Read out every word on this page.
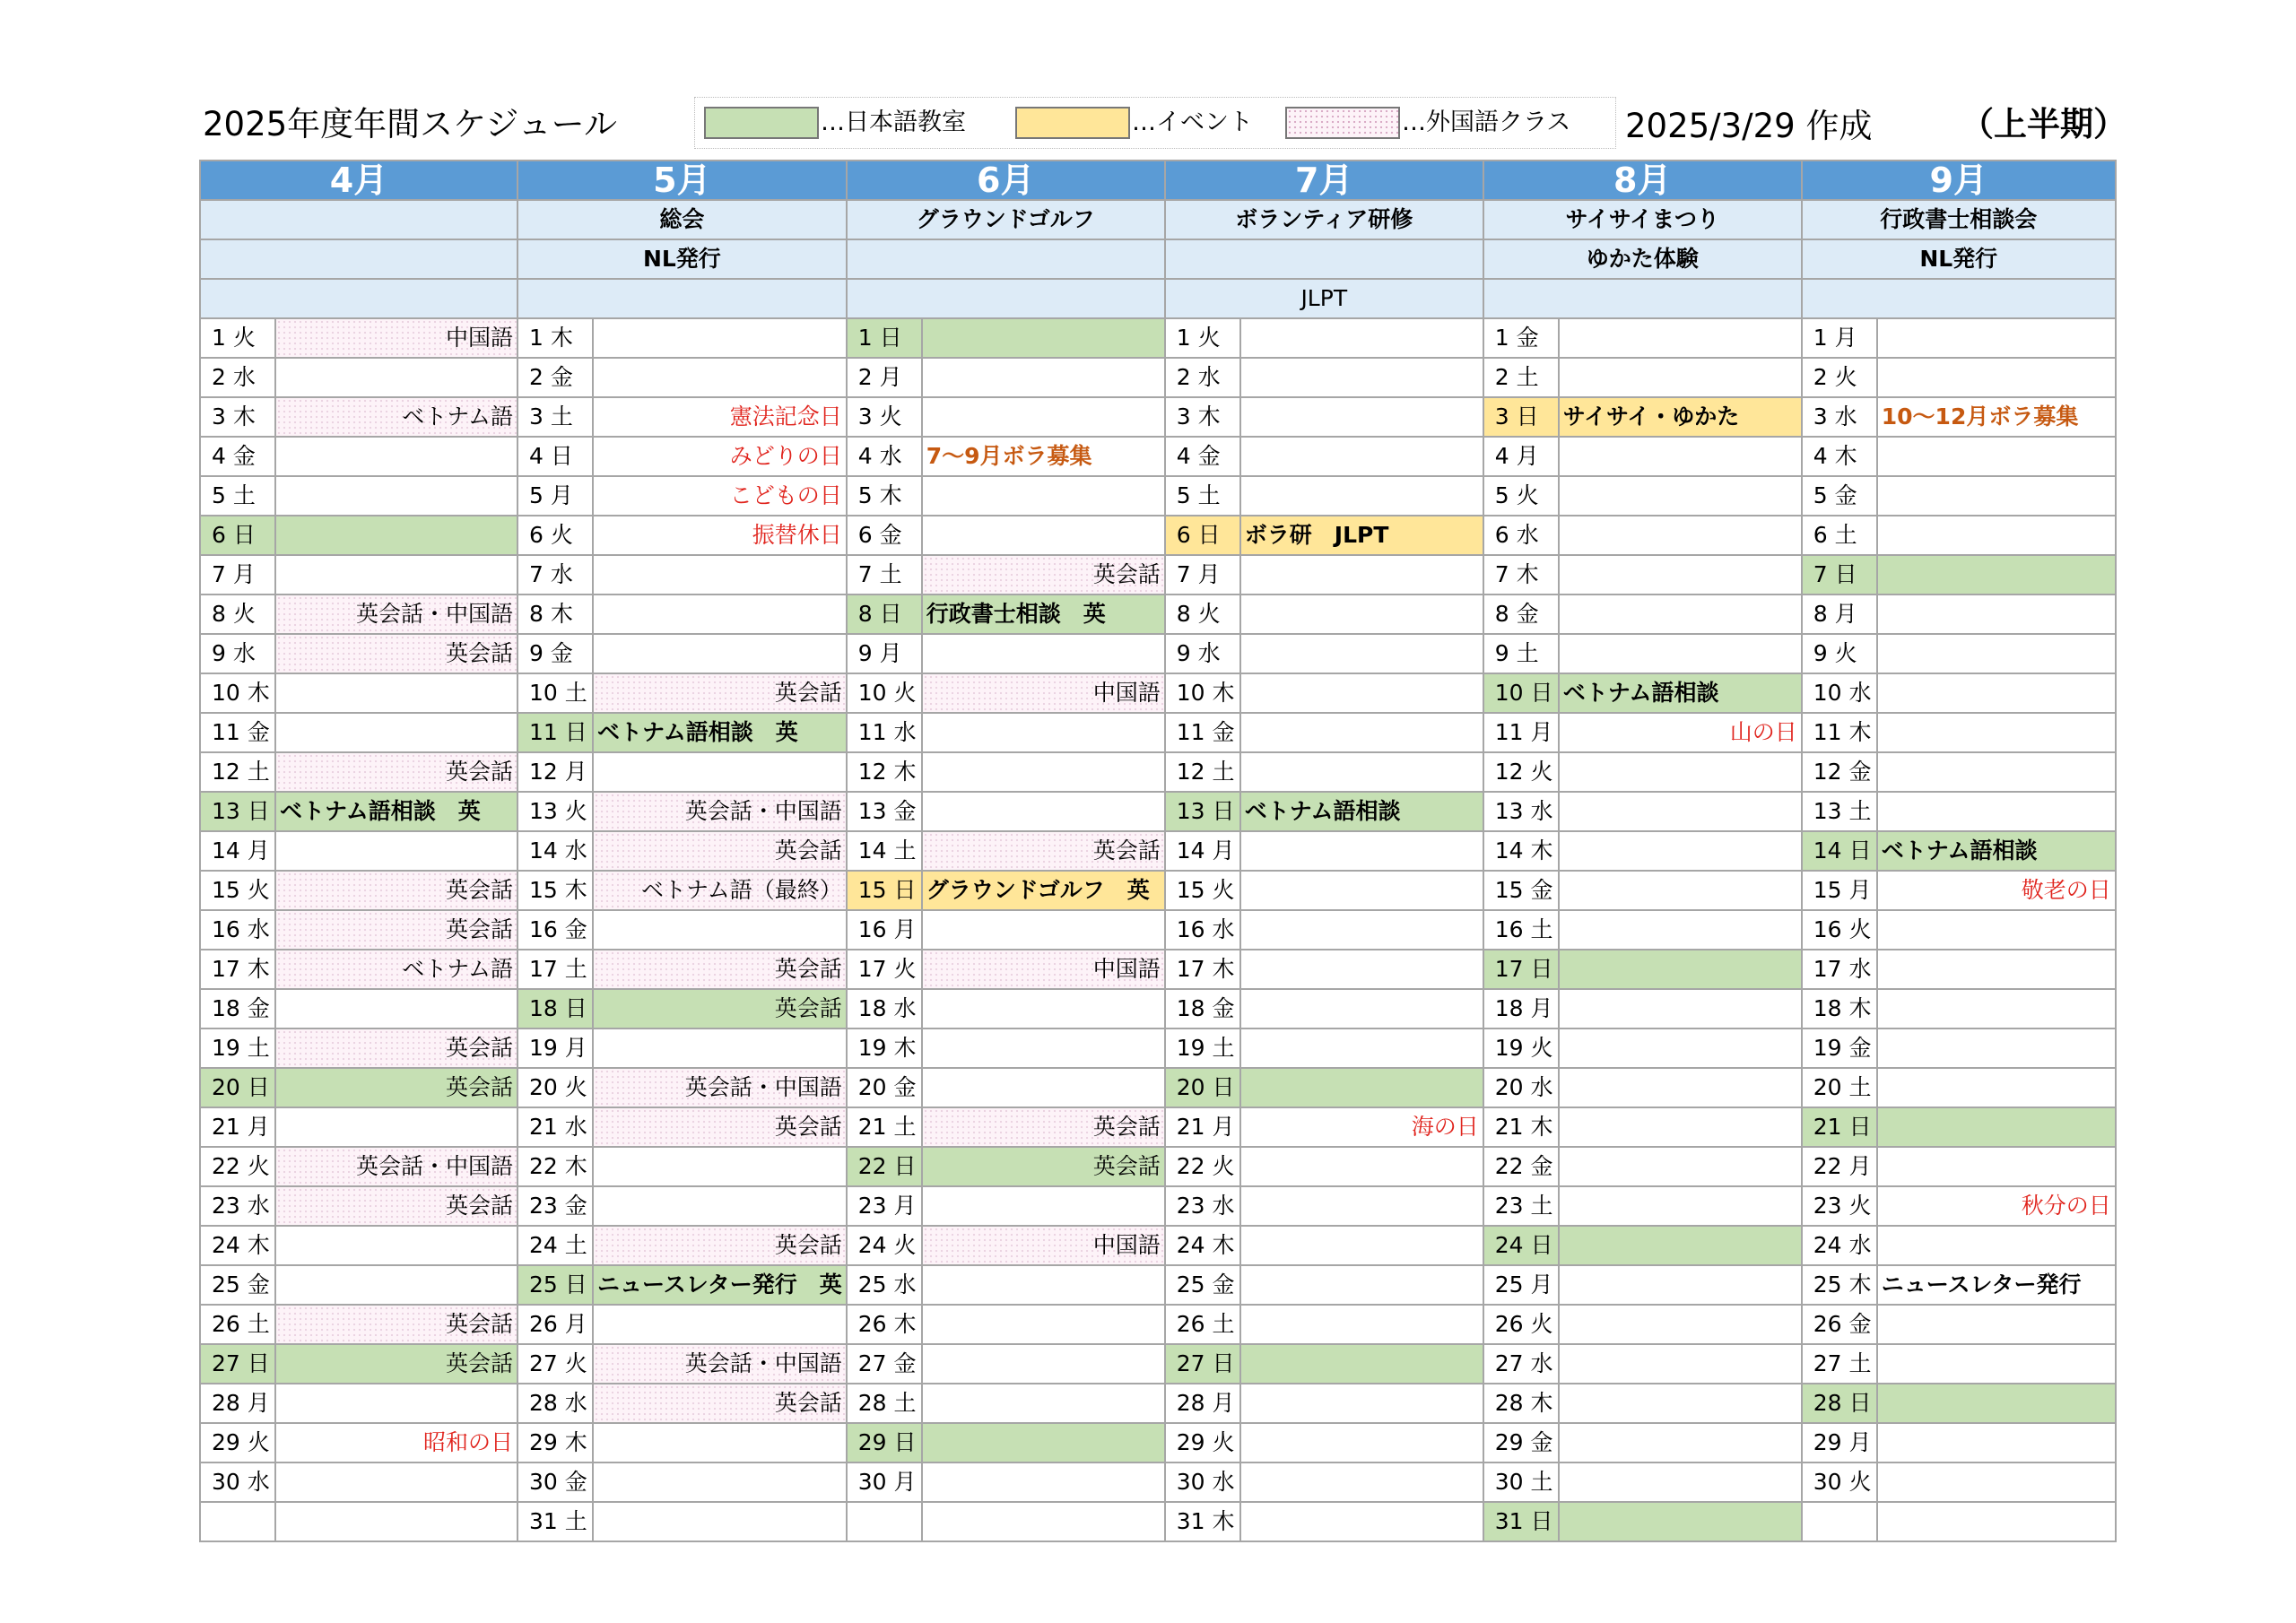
2025年度年間スケジュール	…日本語教室	…イベント	…外国語クラス 2025/3/29 作成	（上半期）
4月		5月		6月		7月		8月		9月	
		総会		グラウンドゴルフ		ボランティア研修		サイサイまつり		行政書士相談会	
		NL発行						ゆかた体験		NL発行	
						JLPT					
1 火	中国語	1 木		1 日		1 火		1 金		1 月	
2 水		2 金		2 月		2 水		2 土		2 火	
3 木	ベトナム語	3 土	憲法記念日	3 火		3 木		3 日	サイサイ・ゆかた	3 水	10～12月ボラ募集
4 金		4 日	みどりの日	4 水	7～9月ボラ募集	4 金		4 月		4 木	
5 土		5 月	こどもの日	5 木		5 土		5 火		5 金	
6 日		6 火	振替休日	6 金		6 日	ボラ研　JLPT	6 水		6 土	
7 月		7 水		7 土	英会話	7 月		7 木		7 日	
8 火	英会話・中国語	8 木		8 日	行政書士相談　英	8 火		8 金		8 月	
9 水	英会話	9 金		9 月		9 水		9 土		9 火	
10 木		10 土	英会話	10 火	中国語	10 木		10 日	ベトナム語相談	10 水	
11 金		11 日	ベトナム語相談　英	11 水		11 金		11 月	山の日	11 木	
12 土	英会話	12 月		12 木		12 土		12 火		12 金	
13 日	ベトナム語相談　英	13 火	英会話・中国語	13 金		13 日	ベトナム語相談	13 水		13 土	
14 月		14 水	英会話	14 土	英会話	14 月		14 木		14 日	ベトナム語相談
15 火	英会話	15 木	ベトナム語（最終）	15 日	グラウンドゴルフ　英	15 火		15 金		15 月	敬老の日
16 水	英会話	16 金		16 月		16 水		16 土		16 火	
17 木	ベトナム語	17 土	英会話	17 火	中国語	17 木		17 日		17 水	
18 金		18 日	英会話	18 水		18 金		18 月		18 木	
19 土	英会話	19 月		19 木		19 土		19 火		19 金	
20 日	英会話	20 火	英会話・中国語	20 金		20 日		20 水		20 土	
21 月		21 水	英会話	21 土	英会話	21 月	海の日	21 木		21 日	
22 火	英会話・中国語	22 木		22 日	英会話	22 火		22 金		22 月	
23 水	英会話	23 金		23 月		23 水		23 土		23 火	秋分の日
24 木		24 土	英会話	24 火	中国語	24 木		24 日		24 水	
25 金		25 日	ニュースレター発行　英	25 水		25 金		25 月		25 木	ニュースレター発行
26 土	英会話	26 月		26 木		26 土		26 火		26 金	
27 日	英会話	27 火	英会話・中国語	27 金		27 日		27 水		27 土	
28 月		28 水	英会話	28 土		28 月		28 木		28 日	
29 火	昭和の日	29 木		29 日		29 火		29 金		29 月	
30 水		30 金		30 月		30 水		30 土		30 火	
		31 土				31 木		31 日			
